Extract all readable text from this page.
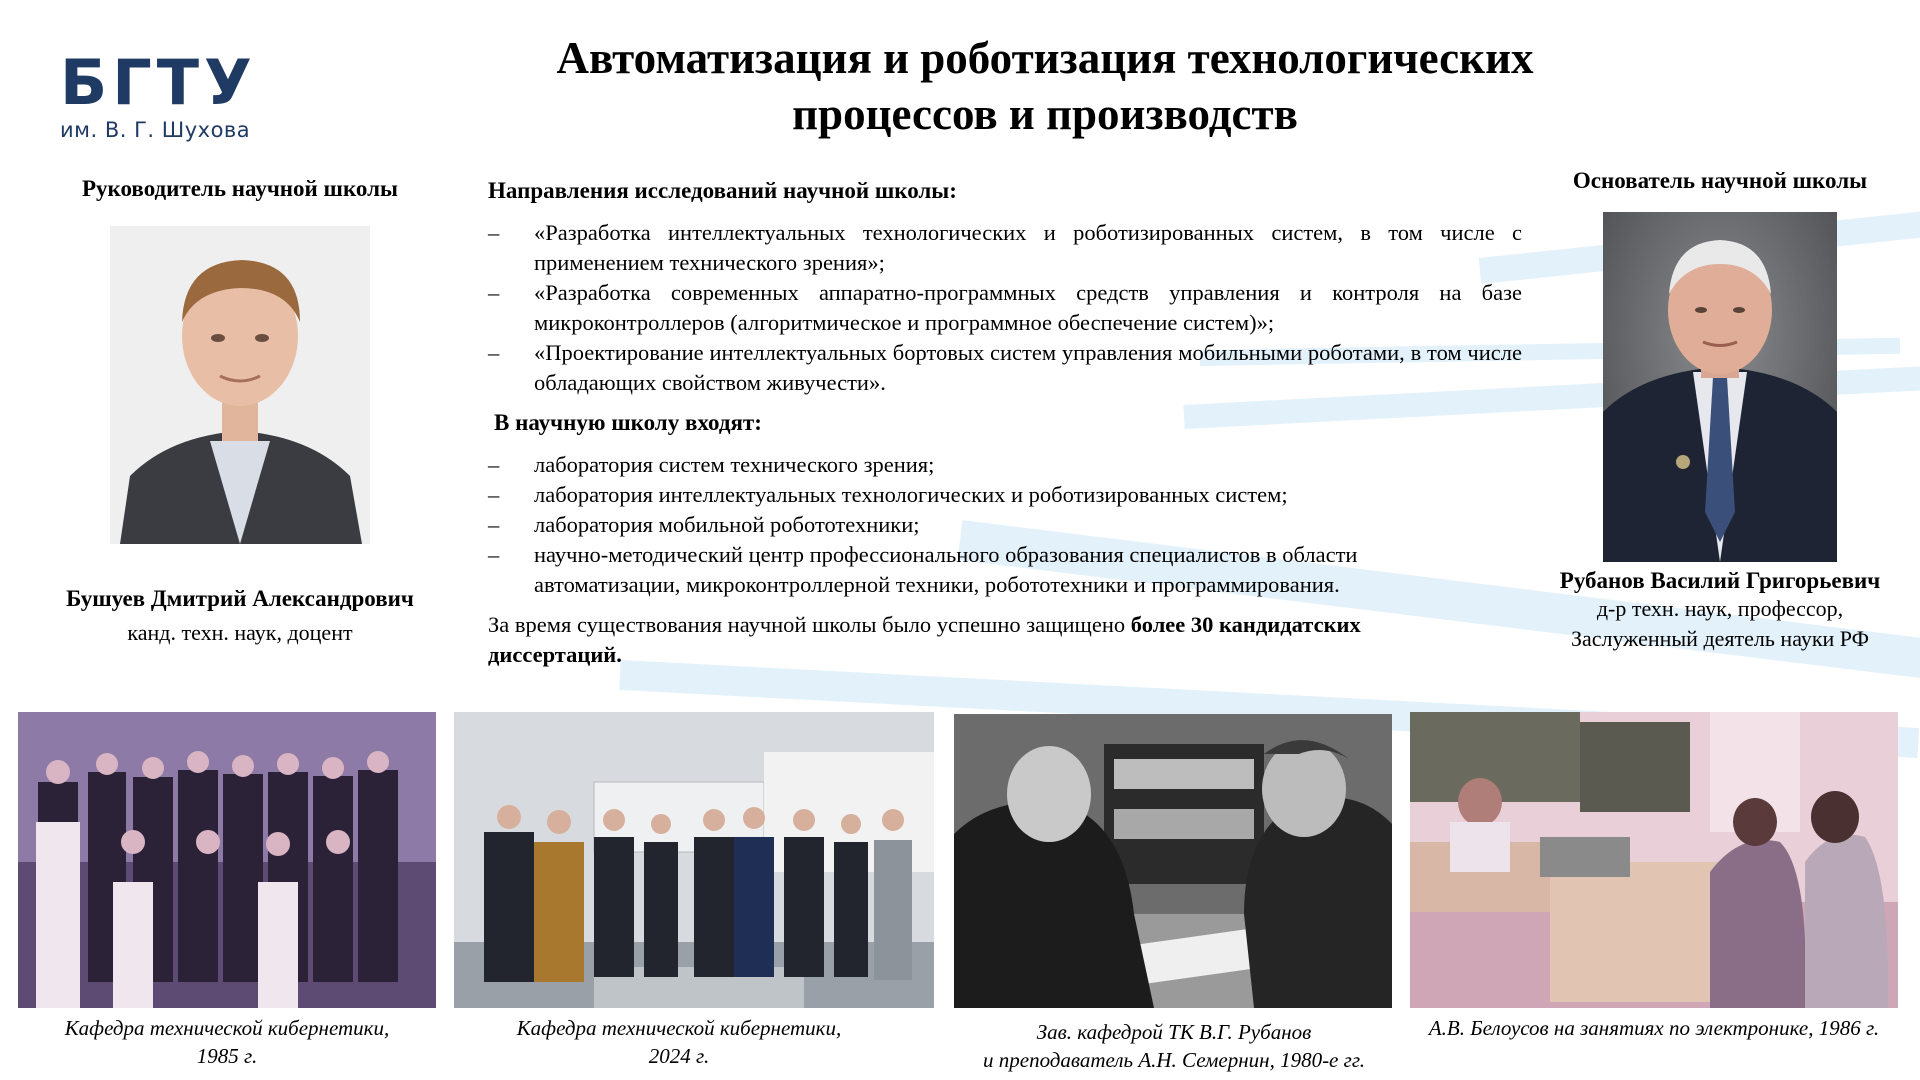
БГТУ
им. В. Г. Шухова
Автоматизация и роботизация технологических
процессов и производств
Руководитель научной школы
Бушуев Дмитрий Александрович
канд. техн. наук, доцент
Основатель научной школы
Рубанов Василий Григорьевич
д-р техн. наук, профессор,
Заслуженный деятель науки РФ
Направления исследований научной школы:
– «Разработка интеллектуальных технологических и роботизированных систем, в том числе с применением технического зрения»;
– «Разработка современных аппаратно-программных средств управления и контроля на базе микроконтроллеров (алгоритмическое и программное обеспечение систем)»;
– «Проектирование интеллектуальных бортовых систем управления мобильными роботами, в том числе обладающих свойством живучести».
В научную школу входят:
– лаборатория систем технического зрения;
– лаборатория интеллектуальных технологических и роботизированных систем;
– лаборатория мобильной робототехники;
– научно-методический центр профессионального образования специалистов в области автоматизации, микроконтроллерной техники, робототехники и программирования.
За время существования научной школы было успешно защищено более 30 кандидатских диссертаций.
Кафедра технической кибернетики,
1985 г.
Кафедра технической кибернетики,
2024 г.
Зав. кафедрой ТК В.Г. Рубанов
и преподаватель А.Н. Семернин, 1980-е гг.
А.В. Белоусов на занятиях по электронике, 1986 г.
